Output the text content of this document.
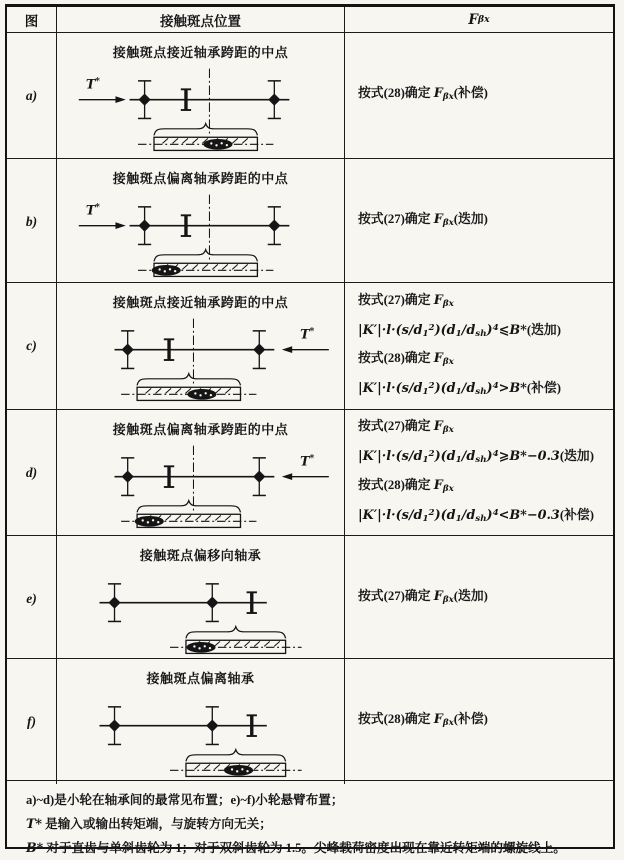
图	接触斑点位置	F βx
a)
接触斑点接近轴承跨距的中点
T*
按式(28)确定 $F_{\beta x}$(补偿)
b)
接触斑点偏离轴承跨距的中点
T*
按式(27)确定 $F_{\beta x}$(迭加)
c)
接触斑点接近轴承跨距的中点
T*
按式(27)确定 $F_{\beta x}$
$|K'|\cdot l\cdot(s/d_1^2)(d_1/d_{sh})^4⩽B*$(迭加)
按式(28)确定 $F_{\beta x}$
$|K'|\cdot l\cdot(s/d_1^2)(d_1/d_{sh})^4>B*$(补偿)
d)
接触斑点偏离轴承跨距的中点
T*
按式(27)确定 $F_{\beta x}$
$|K'|\cdot l\cdot(s/d_1^2)(d_1/d_{sh})^4⩾B*-0.3$(迭加)
按式(28)确定 $F_{\beta x}$
$|K'|\cdot l\cdot(s/d_1^2)(d_1/d_{sh})^4<B*-0.3$(补偿)
e)
接触斑点偏移向轴承
按式(27)确定 $F_{\beta x}$(迭加)
f)
接触斑点偏离轴承
按式(28)确定 $F_{\beta x}$(补偿)
a)~d)是小轮在轴承间的最常见布置；e)~f)小轮悬臂布置；
T* 是输入或输出转矩端，与旋转方向无关；
B* 对于直齿与单斜齿轮为 1；对于双斜齿轮为 1.5。尖峰载荷密度出现在靠近转矩端的螺旋线上。
